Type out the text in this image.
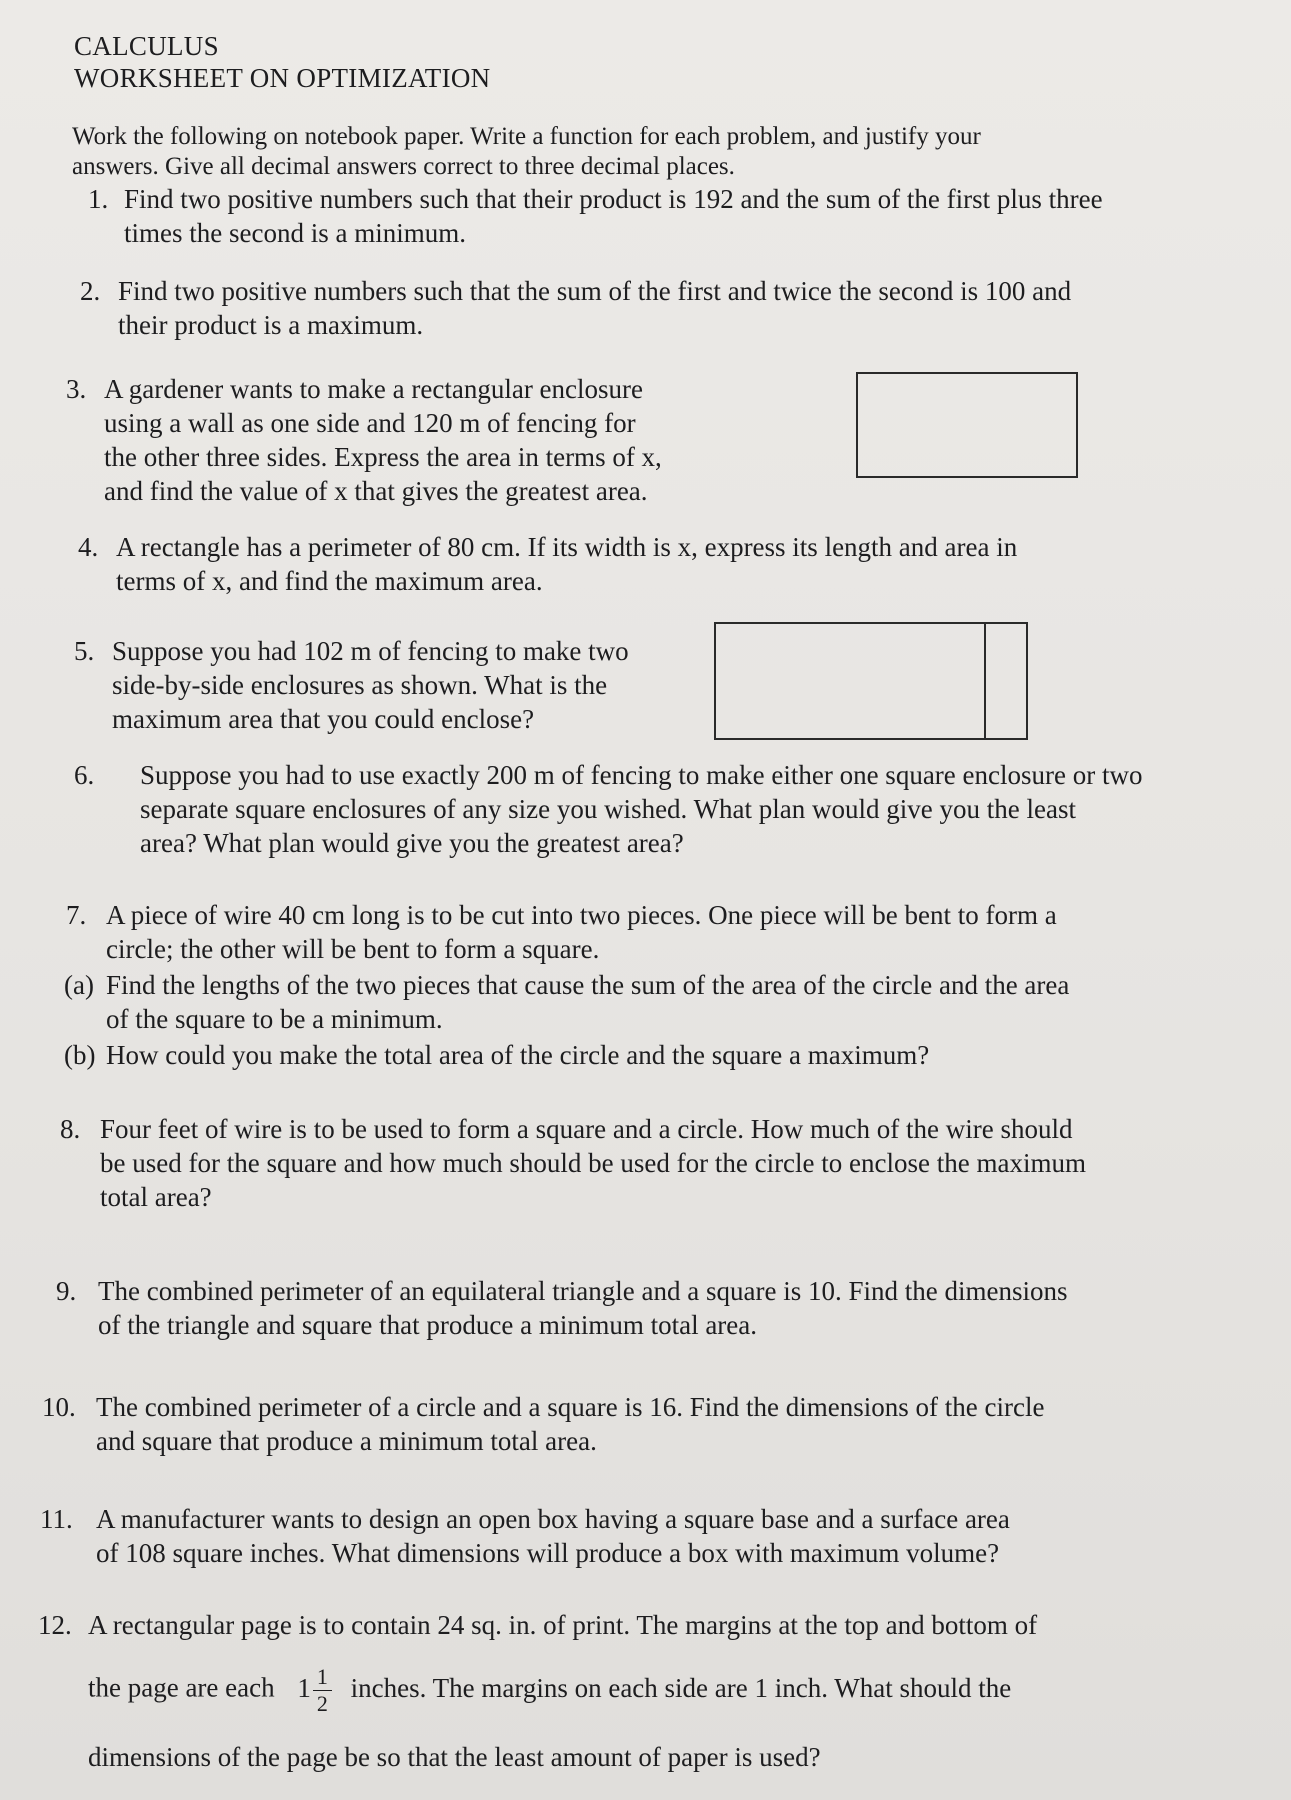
CALCULUS
WORKSHEET ON OPTIMIZATION
Work the following on notebook paper. Write a function for each problem, and justify your
answers. Give all decimal answers correct to three decimal places.
1. Find two positive numbers such that their product is 192 and the sum of the first plus three
times the second is a minimum.
2. Find two positive numbers such that the sum of the first and twice the second is 100 and
their product is a maximum.
3. A gardener wants to make a rectangular enclosure
using a wall as one side and 120 m of fencing for
the other three sides. Express the area in terms of x,
and find the value of x that gives the greatest area.
4. A rectangle has a perimeter of 80 cm. If its width is x, express its length and area in
terms of x, and find the maximum area.
5. Suppose you had 102 m of fencing to make two
side-by-side enclosures as shown. What is the
maximum area that you could enclose?
6. Suppose you had to use exactly 200 m of fencing to make either one square enclosure or two
separate square enclosures of any size you wished. What plan would give you the least
area? What plan would give you the greatest area?
7. A piece of wire 40 cm long is to be cut into two pieces. One piece will be bent to form a
circle; the other will be bent to form a square.
(a) Find the lengths of the two pieces that cause the sum of the area of the circle and the area
of the square to be a minimum.
(b) How could you make the total area of the circle and the square a maximum?
8. Four feet of wire is to be used to form a square and a circle. How much of the wire should
be used for the square and how much should be used for the circle to enclose the maximum
total area?
9. The combined perimeter of an equilateral triangle and a square is 10. Find the dimensions
of the triangle and square that produce a minimum total area.
10. The combined perimeter of a circle and a square is 16. Find the dimensions of the circle
and square that produce a minimum total area.
11. A manufacturer wants to design an open box having a square base and a surface area
of 108 square inches. What dimensions will produce a box with maximum volume?
12. A rectangular page is to contain 24 sq. in. of print. The margins at the top and bottom of
the page are each $1 \frac{1}{2}$ inches. The margins on each side are 1 inch. What should the
dimensions of the page be so that the least amount of paper is used?
